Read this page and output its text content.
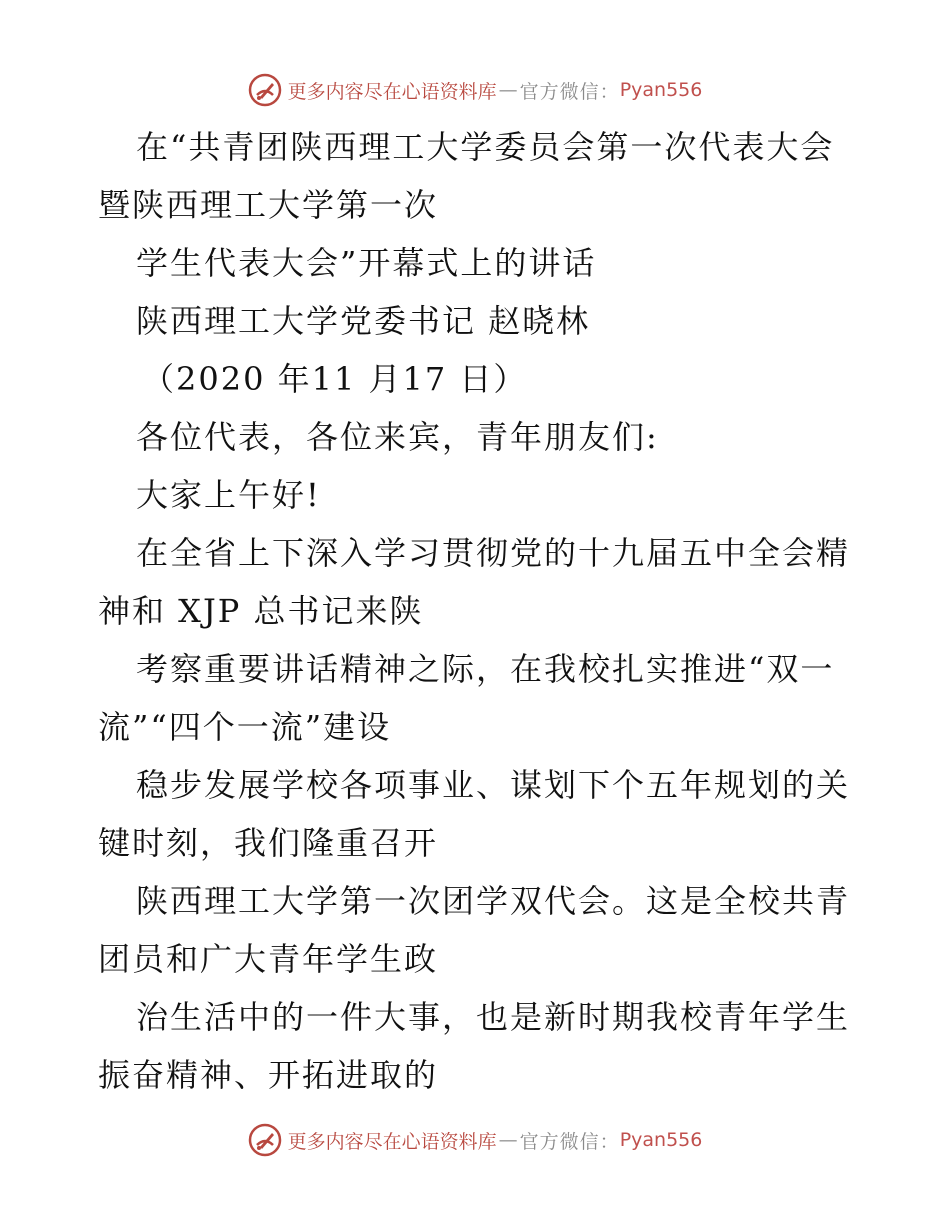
更多内容尽在心语资料库 — 官方微信： Pyan556
在“共青团陕西理工大学委员会第一次代表大会
暨陕西理工大学第一次
学生代表大会”开幕式上的讲话
陕西理工大学党委书记 赵晓林
（2020 年11 月17 日）
各位代表，各位来宾，青年朋友们:
大家上午好!
在全省上下深入学习贯彻党的十九届五中全会精
神和 XJP 总书记来陕
考察重要讲话精神之际，在我校扎实推进“双一
流”“四个一流”建设
稳步发展学校各项事业、谋划下个五年规划的关
键时刻，我们隆重召开
陕西理工大学第一次团学双代会。这是全校共青
团员和广大青年学生政
治生活中的一件大事，也是新时期我校青年学生
振奋精神、开拓进取的
更多内容尽在心语资料库 — 官方微信： Pyan556
